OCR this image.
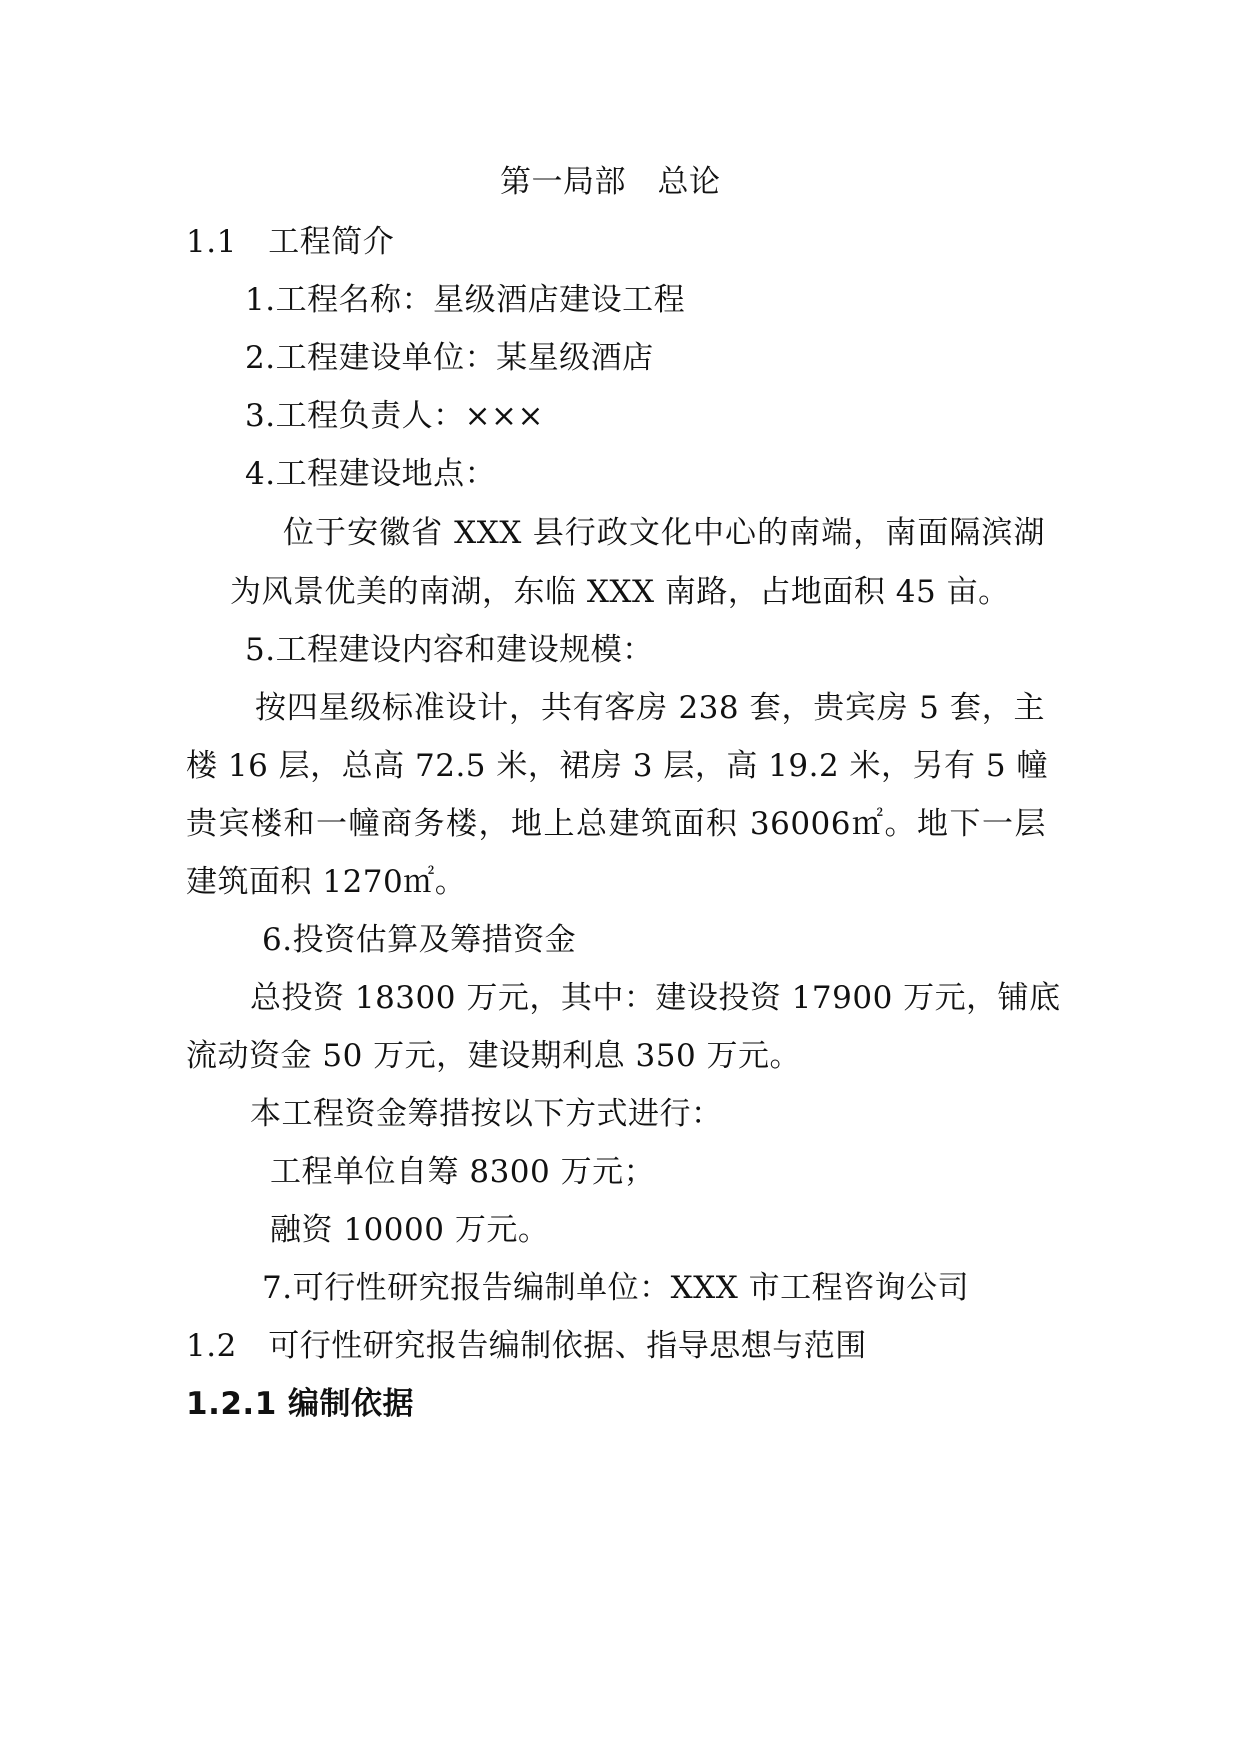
第一局部　总论
1.1　工程简介
1.工程名称：星级酒店建设工程
2.工程建设单位：某星级酒店
3.工程负责人：×××
4.工程建设地点：
位于安徽省 XXX 县行政文化中心的南端，南面隔滨湖
为风景优美的南湖，东临 XXX 南路，占地面积 45 亩。
5.工程建设内容和建设规模：
按四星级标准设计，共有客房 238 套，贵宾房 5 套，主
楼 16 层，总高 72.5 米，裙房 3 层，高 19.2 米，另有 5 幢
贵宾楼和一幢商务楼，地上总建筑面积 36006㎡。地下一层
建筑面积 1270㎡。
6.投资估算及筹措资金
总投资 18300 万元，其中：建设投资 17900 万元，铺底
流动资金 50 万元，建设期利息 350 万元。
本工程资金筹措按以下方式进行：
工程单位自筹 8300 万元；
融资 10000 万元。
7.可行性研究报告编制单位：XXX 市工程咨询公司
1.2　可行性研究报告编制依据、指导思想与范围
1.2.1 编制依据
